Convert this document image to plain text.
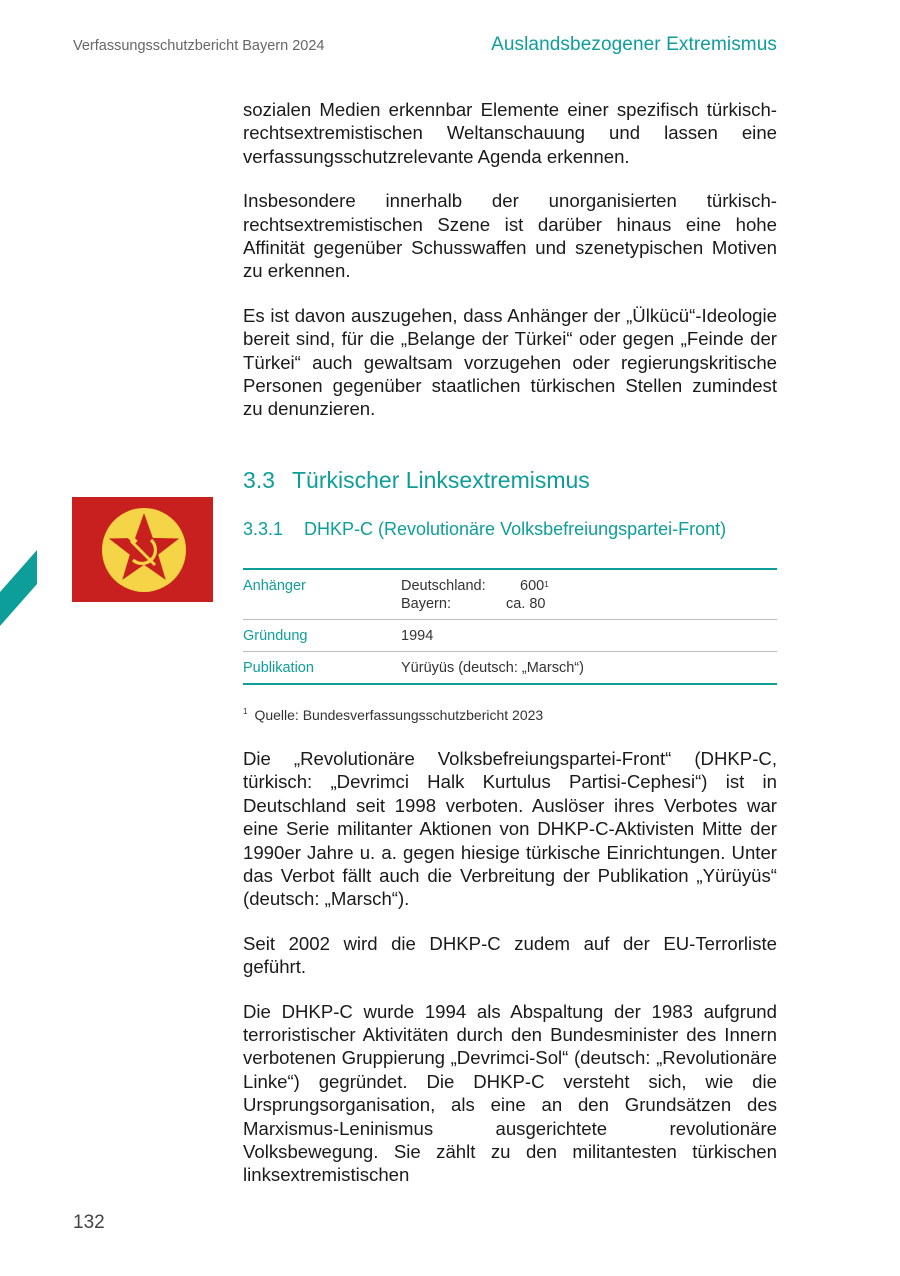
Verfassungsschutzbericht Bayern 2024	Auslandsbezogener Extremismus

sozialen Medien erkennbar Elemente einer spezifisch türkisch-rechtsextremistischen Weltanschauung und lassen eine verfassungsschutzrelevante Agenda erkennen.

Insbesondere innerhalb der unorganisierten türkisch-rechtsextremistischen Szene ist darüber hinaus eine hohe Affinität gegenüber Schusswaffen und szenetypischen Motiven zu erkennen.

Es ist davon auszugehen, dass Anhänger der „Ülkücü“-Ideologie bereit sind, für die „Belange der Türkei“ oder gegen „Feinde der Türkei“ auch gewaltsam vorzugehen oder regierungskritische Personen gegenüber staatlichen türkischen Stellen zumindest zu denunzieren.

3.3 Türkischer Linksextremismus
3.3.1 DHKP-C (Revolutionäre Volksbefreiungspartei-Front)
Anhänger	Deutschland:	$600^1$
Bayern:	ca. 80
Gründung	1994
Publikation	Yürüyüs (deutsch: „Marsch“)
$^1$ Quelle: Bundesverfassungsschutzbericht 2023

Die „Revolutionäre Volksbefreiungspartei-Front“ (DHKP-C, türkisch: „Devrimci Halk Kurtulus Partisi-Cephesi“) ist in Deutschland seit 1998 verboten. Auslöser ihres Verbotes war eine Serie militanter Aktionen von DHKP-C-Aktivisten Mitte der 1990er Jahre u. a. gegen hiesige türkische Einrichtungen. Unter das Verbot fällt auch die Verbreitung der Publikation „Yürüyüs“ (deutsch: „Marsch“).

Seit 2002 wird die DHKP-C zudem auf der EU-Terrorliste geführt.

Die DHKP-C wurde 1994 als Abspaltung der 1983 aufgrund terroristischer Aktivitäten durch den Bundesminister des Innern verbotenen Gruppierung „Devrimci-Sol“ (deutsch: „Revolutionäre Linke“) gegründet. Die DHKP-C versteht sich, wie die Ursprungsorganisation, als eine an den Grundsätzen des Marxismus-Leninismus ausgerichtete revolutionäre Volksbewegung. Sie zählt zu den militantesten türkischen linksextremistischen

132
